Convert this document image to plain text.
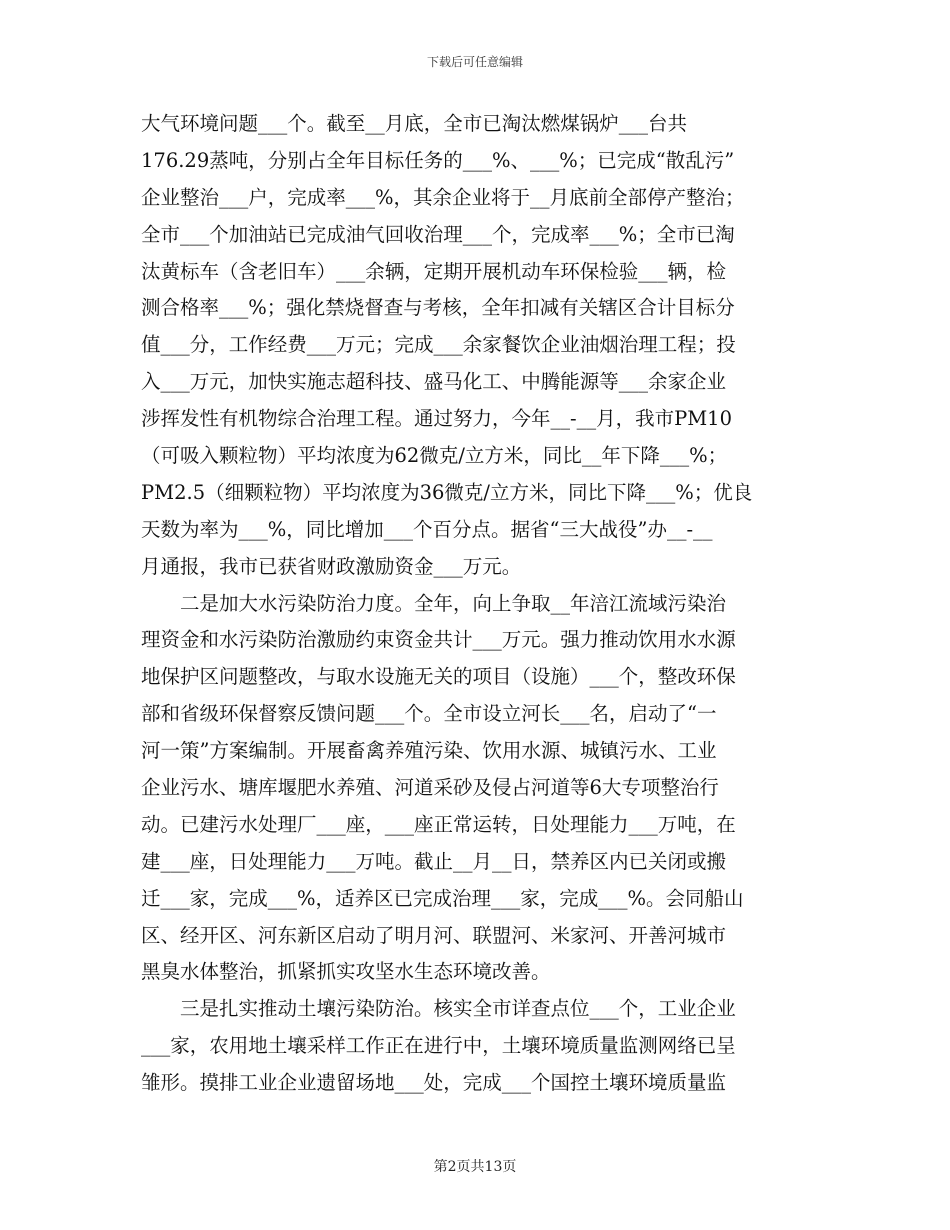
下载后可任意编辑
大气环境问题___个。截至__月底，全市已淘汰燃煤锅炉___台共
176.29蒸吨，分别占全年目标任务的___%、___%；已完成“散乱污”
企业整治___户，完成率___%，其余企业将于__月底前全部停产整治；
全市___个加油站已完成油气回收治理___个，完成率___%；全市已淘
汰黄标车（含老旧车）___余辆，定期开展机动车环保检验___辆，检
测合格率___%；强化禁烧督查与考核，全年扣减有关辖区合计目标分
值___分，工作经费___万元；完成___余家餐饮企业油烟治理工程；投
入___万元，加快实施志超科技、盛马化工、中腾能源等___余家企业
涉挥发性有机物综合治理工程。通过努力，今年__-__月，我市PM10
（可吸入颗粒物）平均浓度为62微克/立方米，同比__年下降___%；
PM2.5（细颗粒物）平均浓度为36微克/立方米，同比下降___%；优良
天数为率为___%，同比增加___个百分点。据省“三大战役”办__-__
月通报，我市已获省财政激励资金___万元。
　　二是加大水污染防治力度。全年，向上争取__年涪江流域污染治
理资金和水污染防治激励约束资金共计___万元。强力推动饮用水水源
地保护区问题整改，与取水设施无关的项目（设施）___个，整改环保
部和省级环保督察反馈问题___个。全市设立河长___名，启动了“一
河一策”方案编制。开展畜禽养殖污染、饮用水源、城镇污水、工业
企业污水、塘库堰肥水养殖、河道采砂及侵占河道等6大专项整治行
动。已建污水处理厂___座，___座正常运转，日处理能力___万吨，在
建___座，日处理能力___万吨。截止__月__日，禁养区内已关闭或搬
迁___家，完成___%，适养区已完成治理___家，完成___%。会同船山
区、经开区、河东新区启动了明月河、联盟河、米家河、开善河城市
黑臭水体整治，抓紧抓实攻坚水生态环境改善。
　　三是扎实推动土壤污染防治。核实全市详查点位___个，工业企业
___家，农用地土壤采样工作正在进行中，土壤环境质量监测网络已呈
雏形。摸排工业企业遗留场地___处，完成___个国控土壤环境质量监
第2页共13页
